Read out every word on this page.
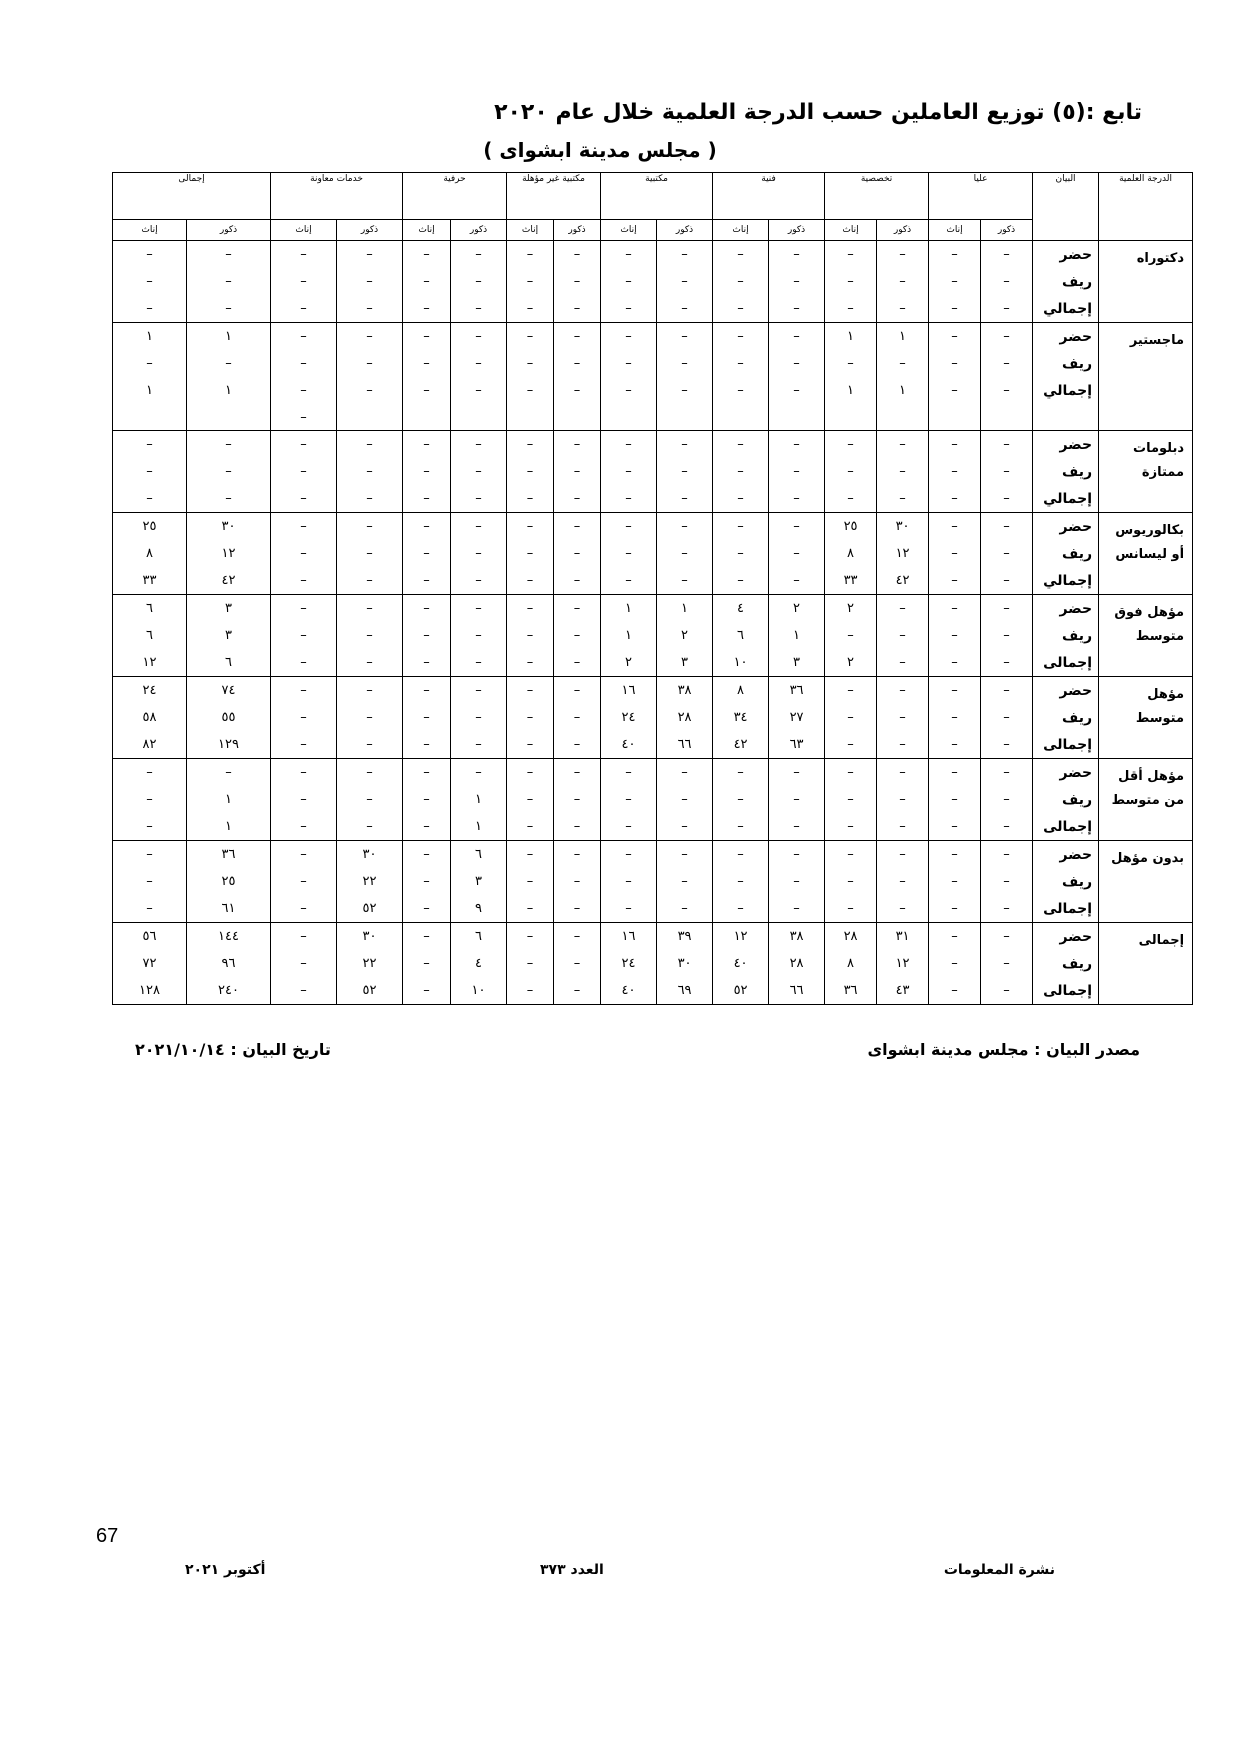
تابع :(٥) توزيع العاملين حسب الدرجة العلمية خلال عام ٢٠٢٠
( مجلس مدينة ابشواى )
الدرجة العلمية	البيان	عليا		تخصصية		فنية		مكتبية		مكتبية غير مؤهلة		حرفية		خدمات معاونة		إجمالى	
		ذكور	إناث	ذكور	إناث	ذكور	إناث	ذكور	إناث	ذكور	إناث	ذكور	إناث	ذكور	إناث	ذكور	إناث
دكتوراه	حضر	–	–	–	–	–	–	–	–	–	–	–	–	–	–	–	–
	ريف	–	–	–	–	–	–	–	–	–	–	–	–	–	–	–	–
	إجمالي	–	–	–	–	–	–	–	–	–	–	–	–	–	–	–	–
ماجستير	حضر	–	–	١	١	–	–	–	–	–	–	–	–	–	–	١	١
	ريف	–	–	–	–	–	–	–	–	–	–	–	–	–	–	–	–
	إجمالي	–	–	١	١	–	–	–	–	–	–	–	–	–	–	١	١
															–		
دبلومات ممتازة	حضر	–	–	–	–	–	–	–	–	–	–	–	–	–	–	–	–
	ريف	–	–	–	–	–	–	–	–	–	–	–	–	–	–	–	–
	إجمالي	–	–	–	–	–	–	–	–	–	–	–	–	–	–	–	–
بكالوريوس أو ليسانس	حضر	–	–	٣٠	٢٥	–	–	–	–	–	–	–	–	–	–	٣٠	٢٥
	ريف	–	–	١٢	٨	–	–	–	–	–	–	–	–	–	–	١٢	٨
	إجمالي	–	–	٤٢	٣٣	–	–	–	–	–	–	–	–	–	–	٤٢	٣٣
مؤهل فوق متوسط	حضر	–	–	–	٢	٢	٤	١	١	–	–	–	–	–	–	٣	٦
	ريف	–	–	–	–	١	٦	٢	١	–	–	–	–	–	–	٣	٦
	إجمالى	–	–	–	٢	٣	١٠	٣	٢	–	–	–	–	–	–	٦	١٢
مؤهل متوسط	حضر	–	–	–	–	٣٦	٨	٣٨	١٦	–	–	–	–	–	–	٧٤	٢٤
	ريف	–	–	–	–	٢٧	٣٤	٢٨	٢٤	–	–	–	–	–	–	٥٥	٥٨
	إجمالى	–	–	–	–	٦٣	٤٢	٦٦	٤٠	–	–	–	–	–	–	١٢٩	٨٢
مؤهل أقل من متوسط	حضر	–	–	–	–	–	–	–	–	–	–	–	–	–	–	–	–
	ريف	–	–	–	–	–	–	–	–	–	–	١	–	–	–	١	–
	إجمالى	–	–	–	–	–	–	–	–	–	–	١	–	–	–	١	–
بدون مؤهل	حضر	–	–	–	–	–	–	–	–	–	–	٦	–	٣٠	–	٣٦	–
	ريف	–	–	–	–	–	–	–	–	–	–	٣	–	٢٢	–	٢٥	–
	إجمالى	–	–	–	–	–	–	–	–	–	–	٩	–	٥٢	–	٦١	–
إجمالى	حضر	–	–	٣١	٢٨	٣٨	١٢	٣٩	١٦	–	–	٦	–	٣٠	–	١٤٤	٥٦
	ريف	–	–	١٢	٨	٢٨	٤٠	٣٠	٢٤	–	–	٤	–	٢٢	–	٩٦	٧٢
	إجمالى	–	–	٤٣	٣٦	٦٦	٥٢	٦٩	٤٠	–	–	١٠	–	٥٢	–	٢٤٠	١٢٨
مصدر البيان : مجلس مدينة ابشواى
تاريخ البيان : ٢٠٢١/١٠/١٤
67
نشرة المعلومات
العدد ٣٧٣
أكتوبر ٢٠٢١
